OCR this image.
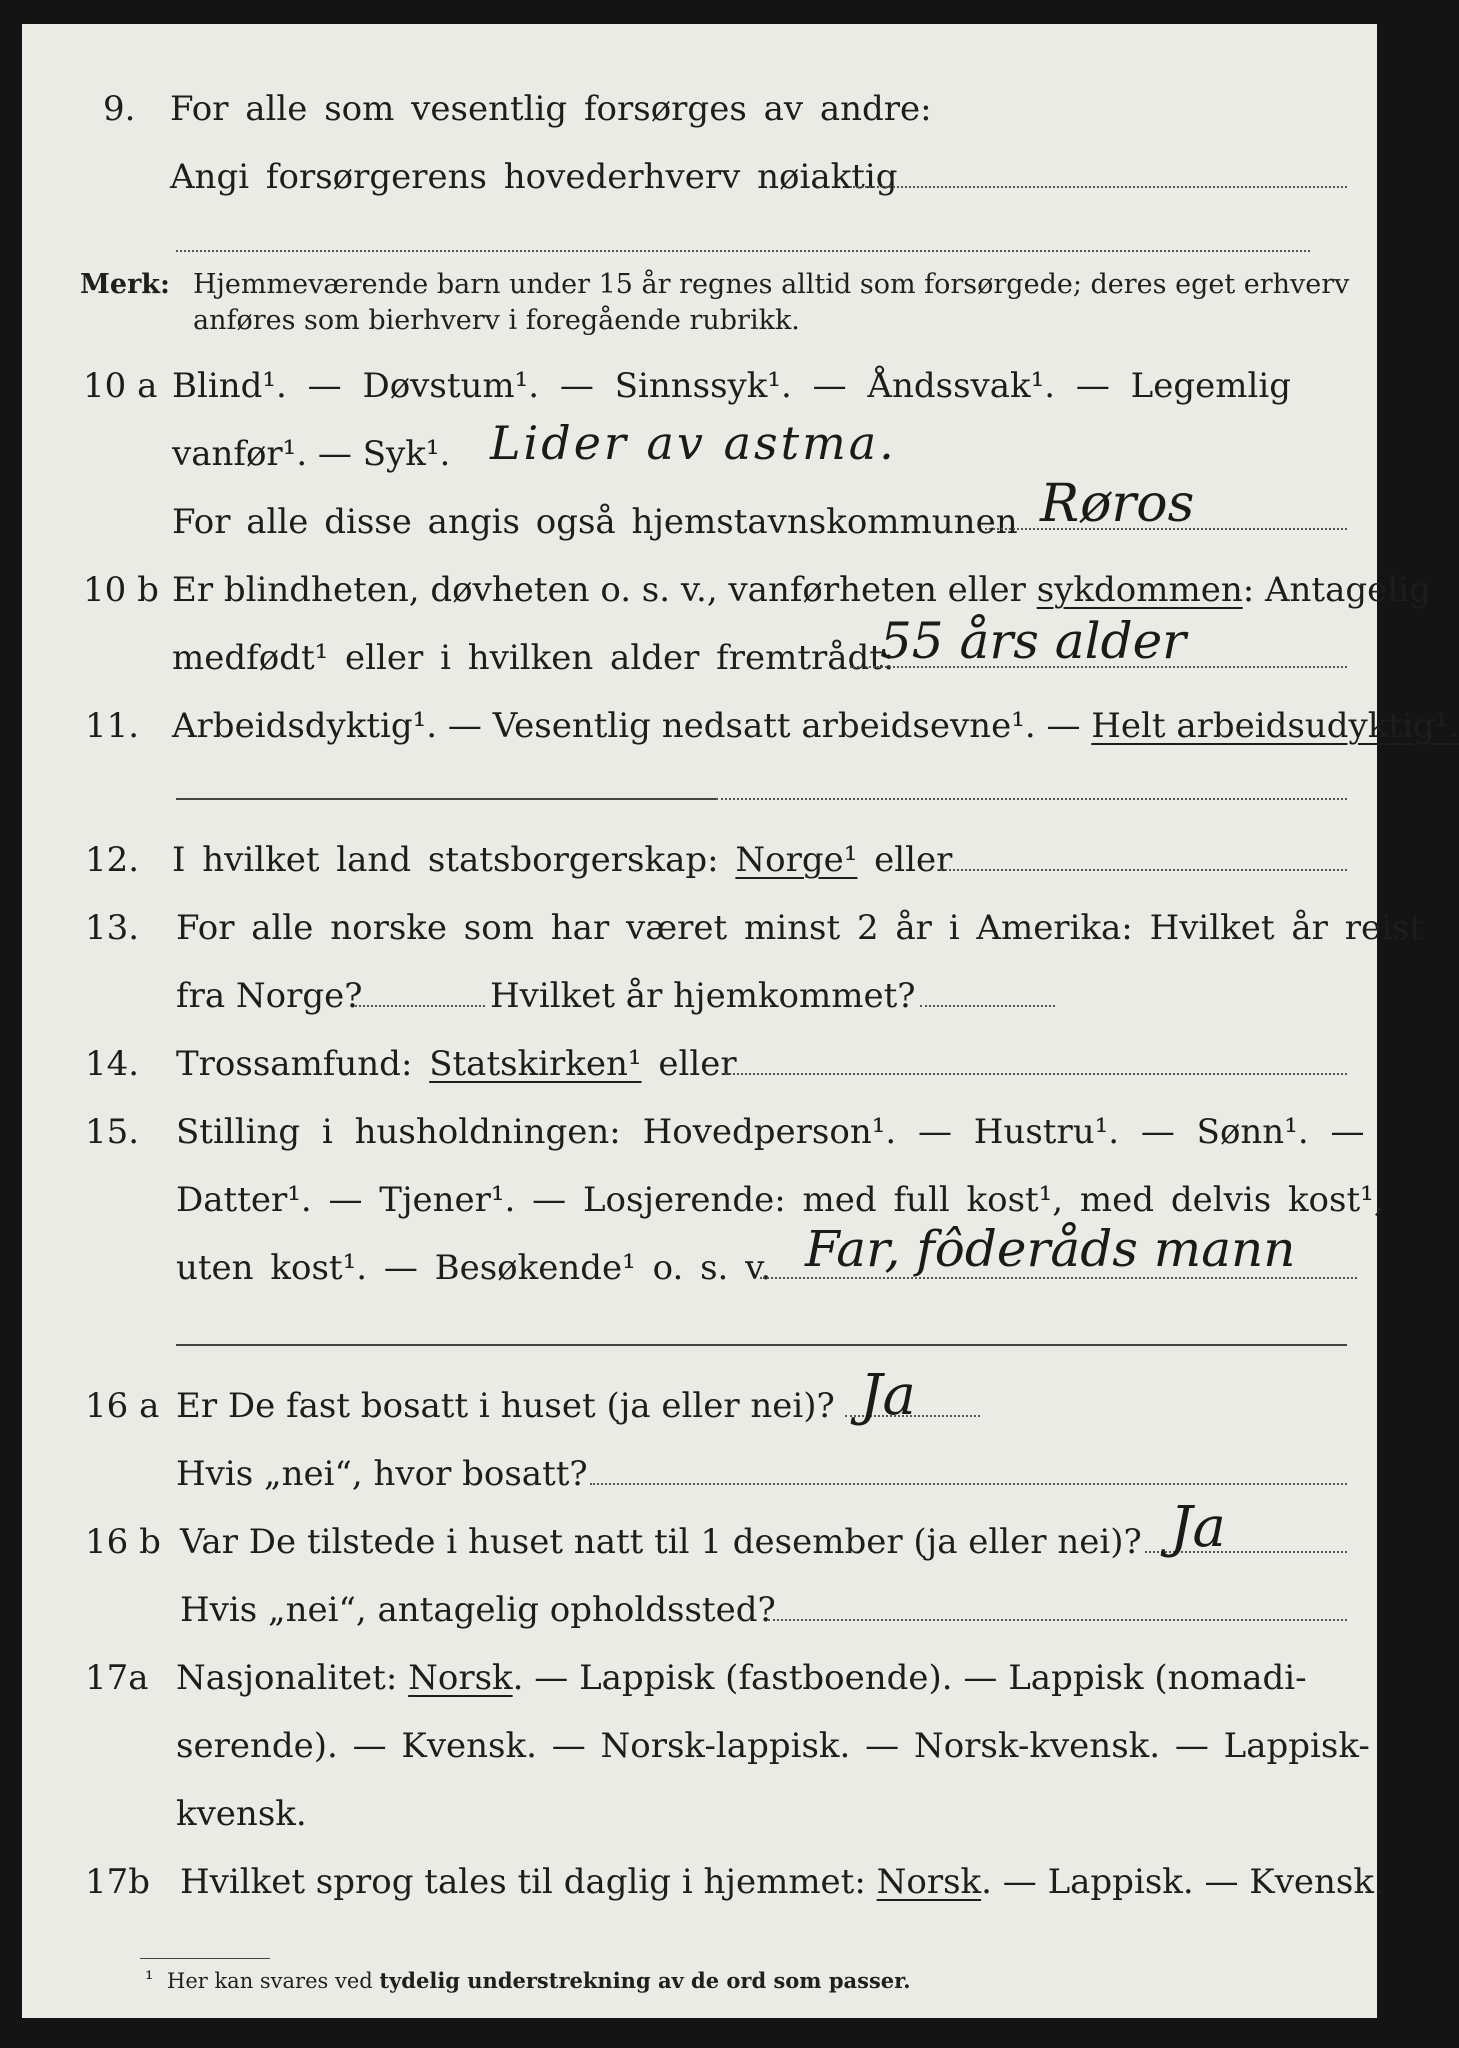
9. For alle som vesentlig forsørges av andre:
Angi forsørgerens hovederhverv nøiaktig
Merk: Hjemmeværende barn under 15 år regnes alltid som forsørgede; deres eget erhverv
anføres som bierhverv i foregående rubrikk.
10 a Blind¹. — Døvstum¹. — Sinnssyk¹. — Åndssvak¹. — Legemlig
vanfør¹. — Syk¹. Lider av astma.
For alle disse angis også hjemstavnskommunen Røros
10 b Er blindheten, døvheten o. s. v., vanførheten eller sykdommen: Antagelig
medfødt¹ eller i hvilken alder fremtrådt:
55 års alder
11. Arbeidsdyktig¹. — Vesentlig nedsatt arbeidsevne¹. — Helt arbeidsudyktig¹.
12. I hvilket land statsborgerskap: Norge¹ eller
13. For alle norske som har været minst 2 år i Amerika: Hvilket år reist
fra Norge?	Hvilket år hjemkommet?
14. Trossamfund: Statskirken¹ eller
15. Stilling i husholdningen: Hovedperson¹. — Hustru¹. — Sønn¹. —
Datter¹. — Tjener¹. — Losjerende: med full kost¹, med delvis kost¹,
uten kost¹. — Besøkende¹ o. s. v. Far, fôderåds mann
16 a Er De fast bosatt i huset (ja eller nei)? Ja
Hvis „nei“, hvor bosatt?
16 b Var De tilstede i huset natt til 1 desember (ja eller nei)? Ja
Hvis „nei“, antagelig opholdssted?
17a Nasjonalitet: Norsk. — Lappisk (fastboende). — Lappisk (nomadi-
serende). — Kvensk. — Norsk-lappisk. — Norsk-kvensk. — Lappisk-
kvensk.
17b Hvilket sprog tales til daglig i hjemmet: Norsk. — Lappisk. — Kvensk.
¹ Her kan svares ved tydelig understrekning av de ord som passer.
